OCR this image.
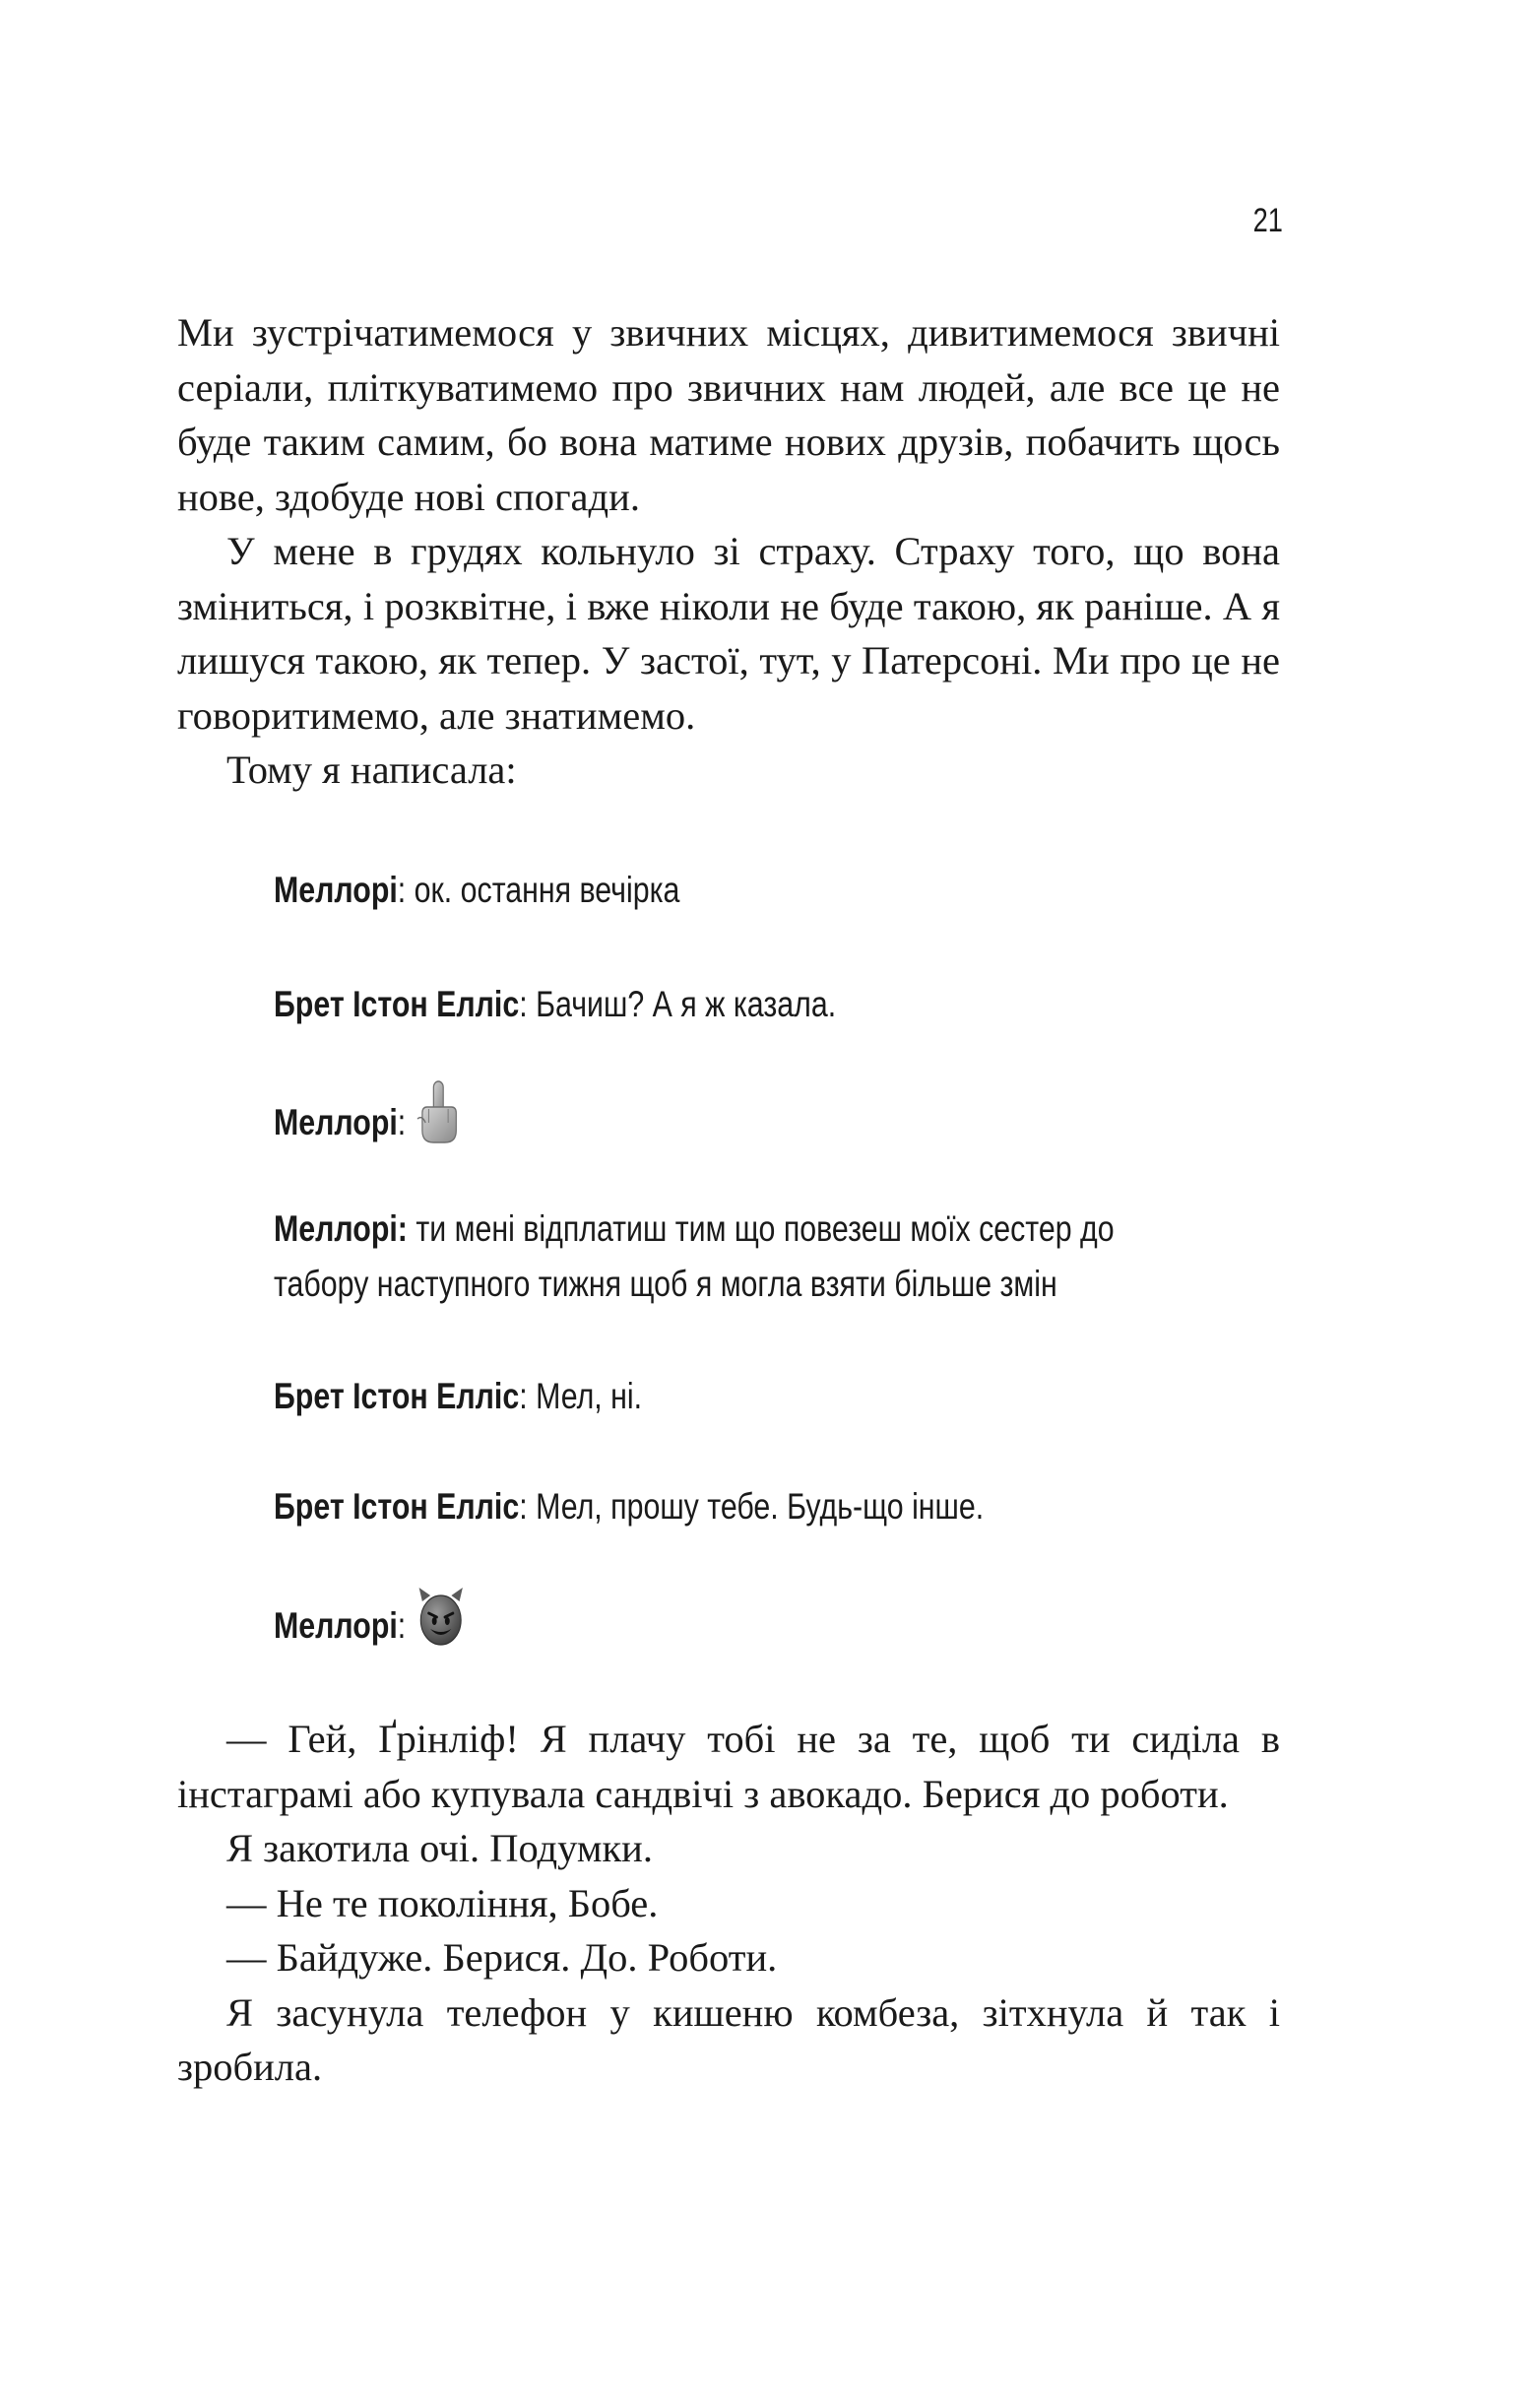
21

Ми зустрічатимемося у звичних місцях, дивитимемося звичні серіали, пліткуватимемо про звичних нам людей, але все це не буде таким самим, бо вона матиме нових друзів, побачить щось нове, здобуде нові спогади.

У мене в грудях кольнуло зі страху. Страху того, що вона зміниться, і розквітне, і вже ніколи не буде такою, як раніше. А я лишуся такою, як тепер. У застої, тут, у Патерсоні. Ми про це не говоритимемо, але знатимемо.

Тому я написала:

Меллорі: ок. остання вечірка
Брет Істон Елліс: Бачиш? А я ж казала.
Меллорі:
Меллорі: ти мені відплатиш тим що повезеш моїх сестер до
табору наступного тижня щоб я могла взяти більше змін
Брет Істон Елліс: Мел, ні.
Брет Істон Елліс: Мел, прошу тебе. Будь-що інше.
Меллорі:

— Гей, Ґрінліф! Я плачу тобі не за те, щоб ти сиділа в інстаграмі або купувала сандвічі з авокадо. Берися до роботи.

Я закотила очі. Подумки.

— Не те покоління, Бобе.

— Байдуже. Берися. До. Роботи.

Я засунула телефон у кишеню комбеза, зітхнула й так і зробила.
